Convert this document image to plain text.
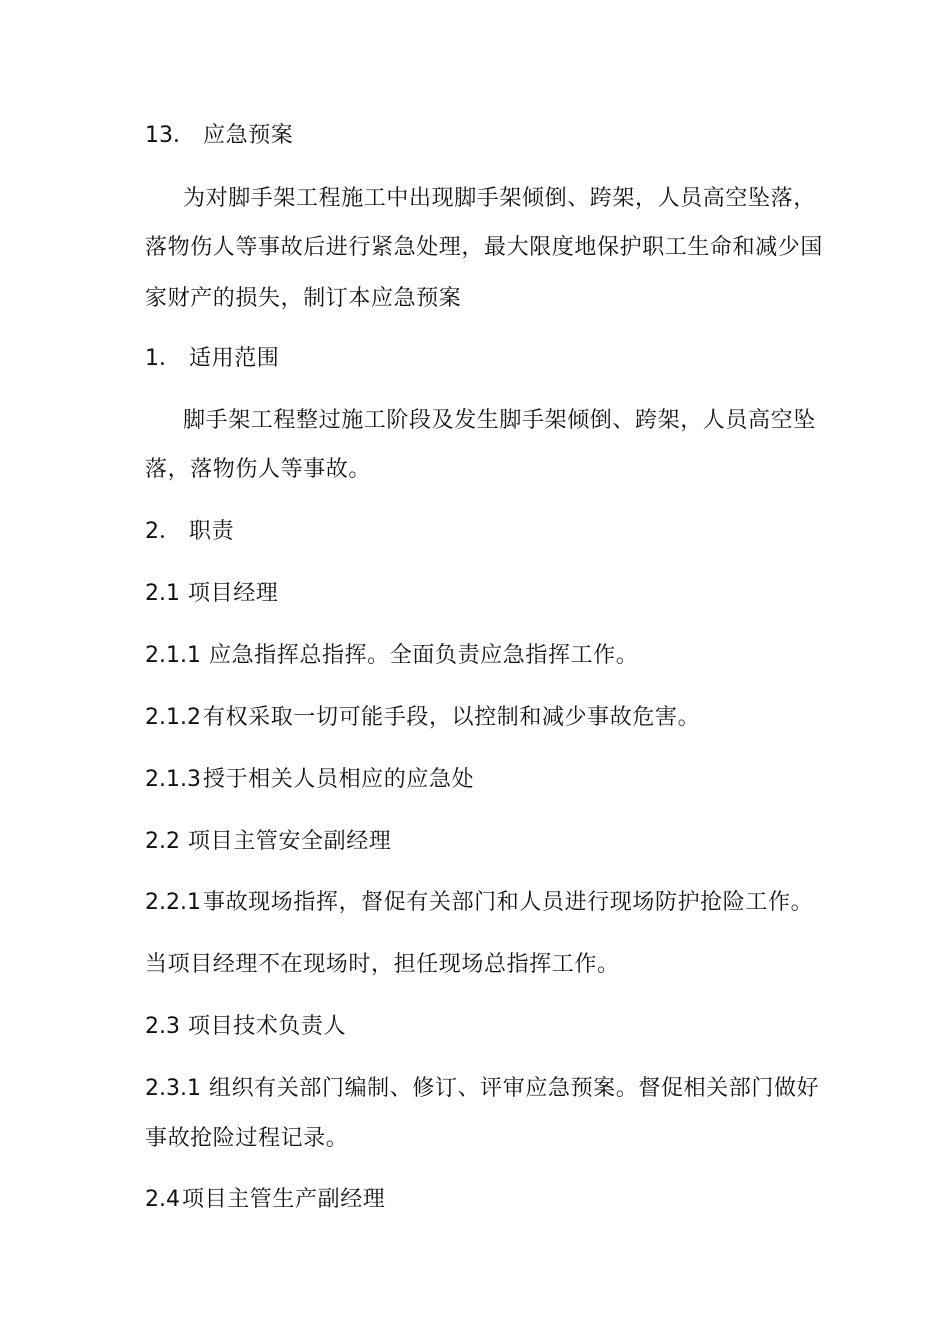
13． 应急预案
为对脚手架工程施工中出现脚手架倾倒、跨架，人员高空坠落，
落物伤人等事故后进行紧急处理，最大限度地保护职工生命和减少国
家财产的损失，制订本应急预案
1． 适用范围
脚手架工程整过施工阶段及发生脚手架倾倒、跨架，人员高空坠
落，落物伤人等事故。
2． 职责
2.1 项目经理
2.1.1 应急指挥总指挥。全面负责应急指挥工作。
2.1.2有权采取一切可能手段，以控制和减少事故危害。
2.1.3授于相关人员相应的应急处
2.2 项目主管安全副经理
2.2.1事故现场指挥，督促有关部门和人员进行现场防护抢险工作。
当项目经理不在现场时，担任现场总指挥工作。
2.3 项目技术负责人
2.3.1 组织有关部门编制、修订、评审应急预案。督促相关部门做好
事故抢险过程记录。
2.4项目主管生产副经理
